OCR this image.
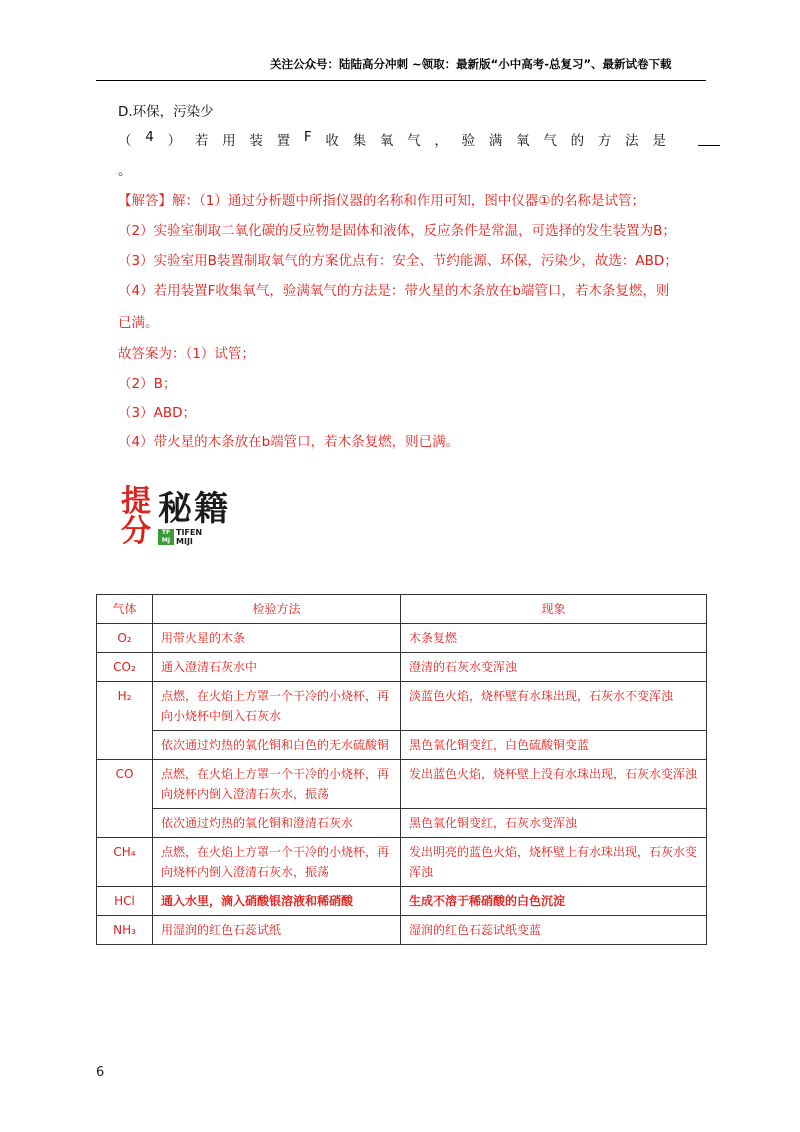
关注公众号：陆陆高分冲刺 ~领取：最新版“小中高考-总复习”、最新试卷下载
D.环保，污染少
（ 4 ） 若 用 装 置 F 收 集 氧 气 ， 验 满 氧 气 的 方 法 是
。
【解答】解：（1）通过分析题中所指仪器的名称和作用可知，图中仪器①的名称是试管；
（2）实验室制取二氧化碳的反应物是固体和液体，反应条件是常温，可选择的发生装置为B；
（3）实验室用B装置制取氧气的方案优点有：安全、节约能源、环保，污染少，故选：ABD；
（4）若用装置F收集氧气，验满氧气的方法是：带火星的木条放在b端管口，若木条复燃，则
已满。
故答案为：（1）试管；
（2）B；
（3）ABD；
（4）带火星的木条放在b端管口，若木条复燃，则已满。
提
分
秘籍
TF MJ
TIFEN
MIJI
气体	检验方法	现象
O₂	用带火星的木条	木条复燃
CO₂	通入澄清石灰水中	澄清的石灰水变浑浊
H₂	点燃，在火焰上方罩一个干冷的小烧杯，再向小烧杯中倒入石灰水	淡蓝色火焰，烧杯壁有水珠出现，石灰水不变浑浊
	依次通过灼热的氧化铜和白色的无水硫酸铜	黑色氧化铜变红，白色硫酸铜变蓝
CO	点燃，在火焰上方罩一个干冷的小烧杯，再向烧杯内倒入澄清石灰水，振荡	发出蓝色火焰，烧杯壁上没有水珠出现，石灰水变浑浊
	依次通过灼热的氧化铜和澄清石灰水	黑色氧化铜变红，石灰水变浑浊
CH₄	点燃，在火焰上方罩一个干冷的小烧杯，再向烧杯内倒入澄清石灰水，振荡	发出明亮的蓝色火焰，烧杯壁上有水珠出现，石灰水变浑浊
HCl	通入水里，滴入硝酸银溶液和稀硝酸	生成不溶于稀硝酸的白色沉淀
NH₃	用湿润的红色石蕊试纸	湿润的红色石蕊试纸变蓝
6
